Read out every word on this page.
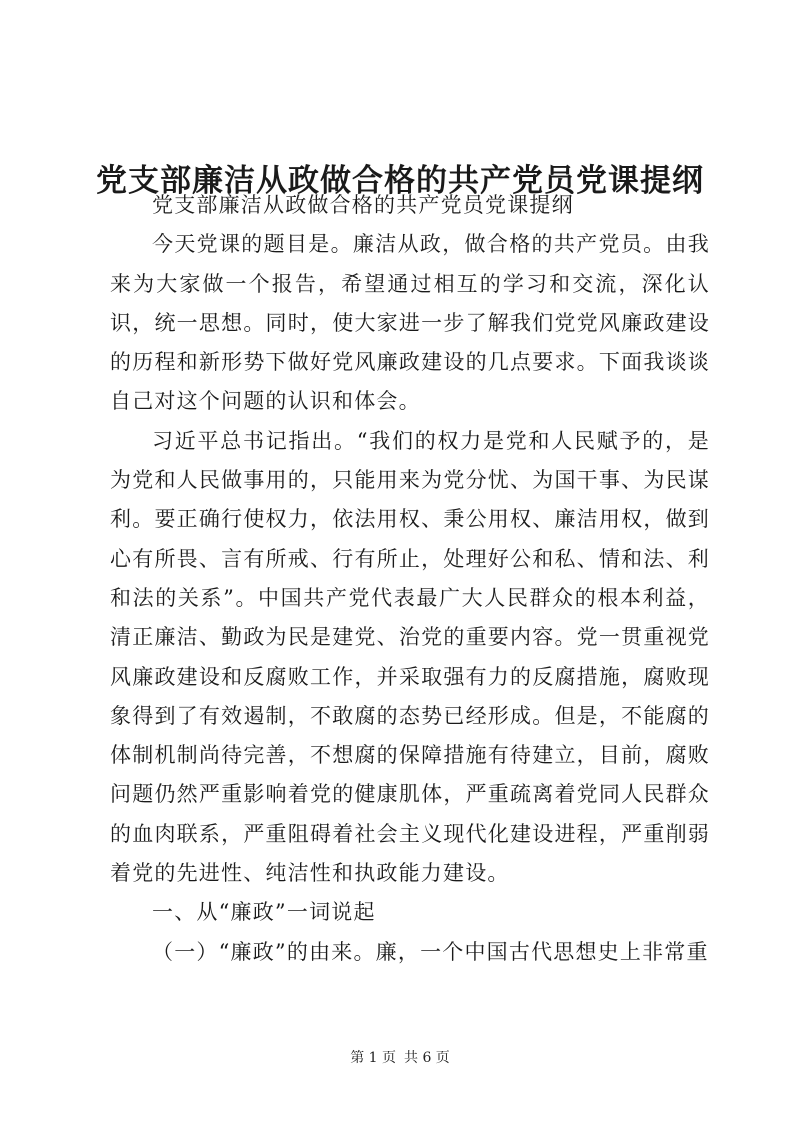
党支部廉洁从政做合格的共产党员党课提纲

党支部廉洁从政做合格的共产党员党课提纲

今天党课的题目是。廉洁从政，做合格的共产党员。由我来为大家做一个报告，希望通过相互的学习和交流，深化认识，统一思想。同时，使大家进一步了解我们党党风廉政建设的历程和新形势下做好党风廉政建设的几点要求。下面我谈谈自己对这个问题的认识和体会。

习近平总书记指出。“我们的权力是党和人民赋予的，是为党和人民做事用的，只能用来为党分忧、为国干事、为民谋利。要正确行使权力，依法用权、秉公用权、廉洁用权，做到心有所畏、言有所戒、行有所止，处理好公和私、情和法、利和法的关系”。中国共产党代表最广大人民群众的根本利益，清正廉洁、勤政为民是建党、治党的重要内容。党一贯重视党风廉政建设和反腐败工作，并采取强有力的反腐措施，腐败现象得到了有效遏制，不敢腐的态势已经形成。但是，不能腐的体制机制尚待完善，不想腐的保障措施有待建立，目前，腐败问题仍然严重影响着党的健康肌体，严重疏离着党同人民群众的血肉联系，严重阻碍着社会主义现代化建设进程，严重削弱着党的先进性、纯洁性和执政能力建设。

一、从“廉政”一词说起

（一）“廉政”的由来。廉，一个中国古代思想史上非常重

第 1 页 共 6 页
